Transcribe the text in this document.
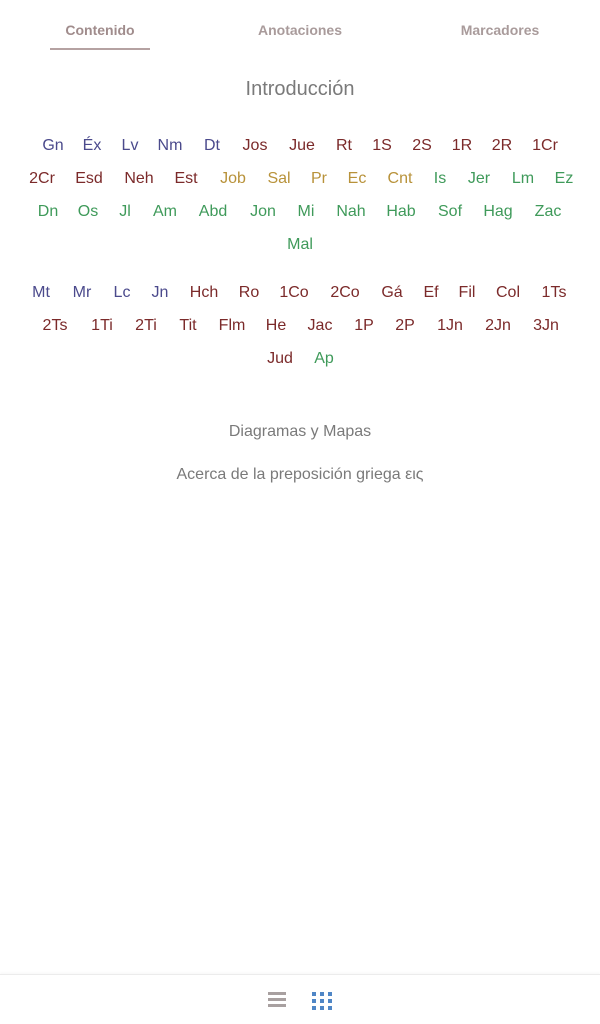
Contenido	Anotaciones	Marcadores
Introducción
Gn Éx Lv Nm Dt Jos Jue Rt 1S 2S 1R 2R 1Cr
2Cr Esd Neh Est Job Sal Pr Ec Cnt Is Jer Lm Ez
Dn Os Jl Am Abd Jon Mi Nah Hab Sof Hag Zac
Mal
Mt Mr Lc Jn Hch Ro 1Co 2Co Gá Ef Fil Col 1Ts
2Ts 1Ti 2Ti Tit Flm He Jac 1P 2P 1Jn 2Jn 3Jn
Jud Ap
Diagramas y Mapas
Acerca de la preposición griega εις
